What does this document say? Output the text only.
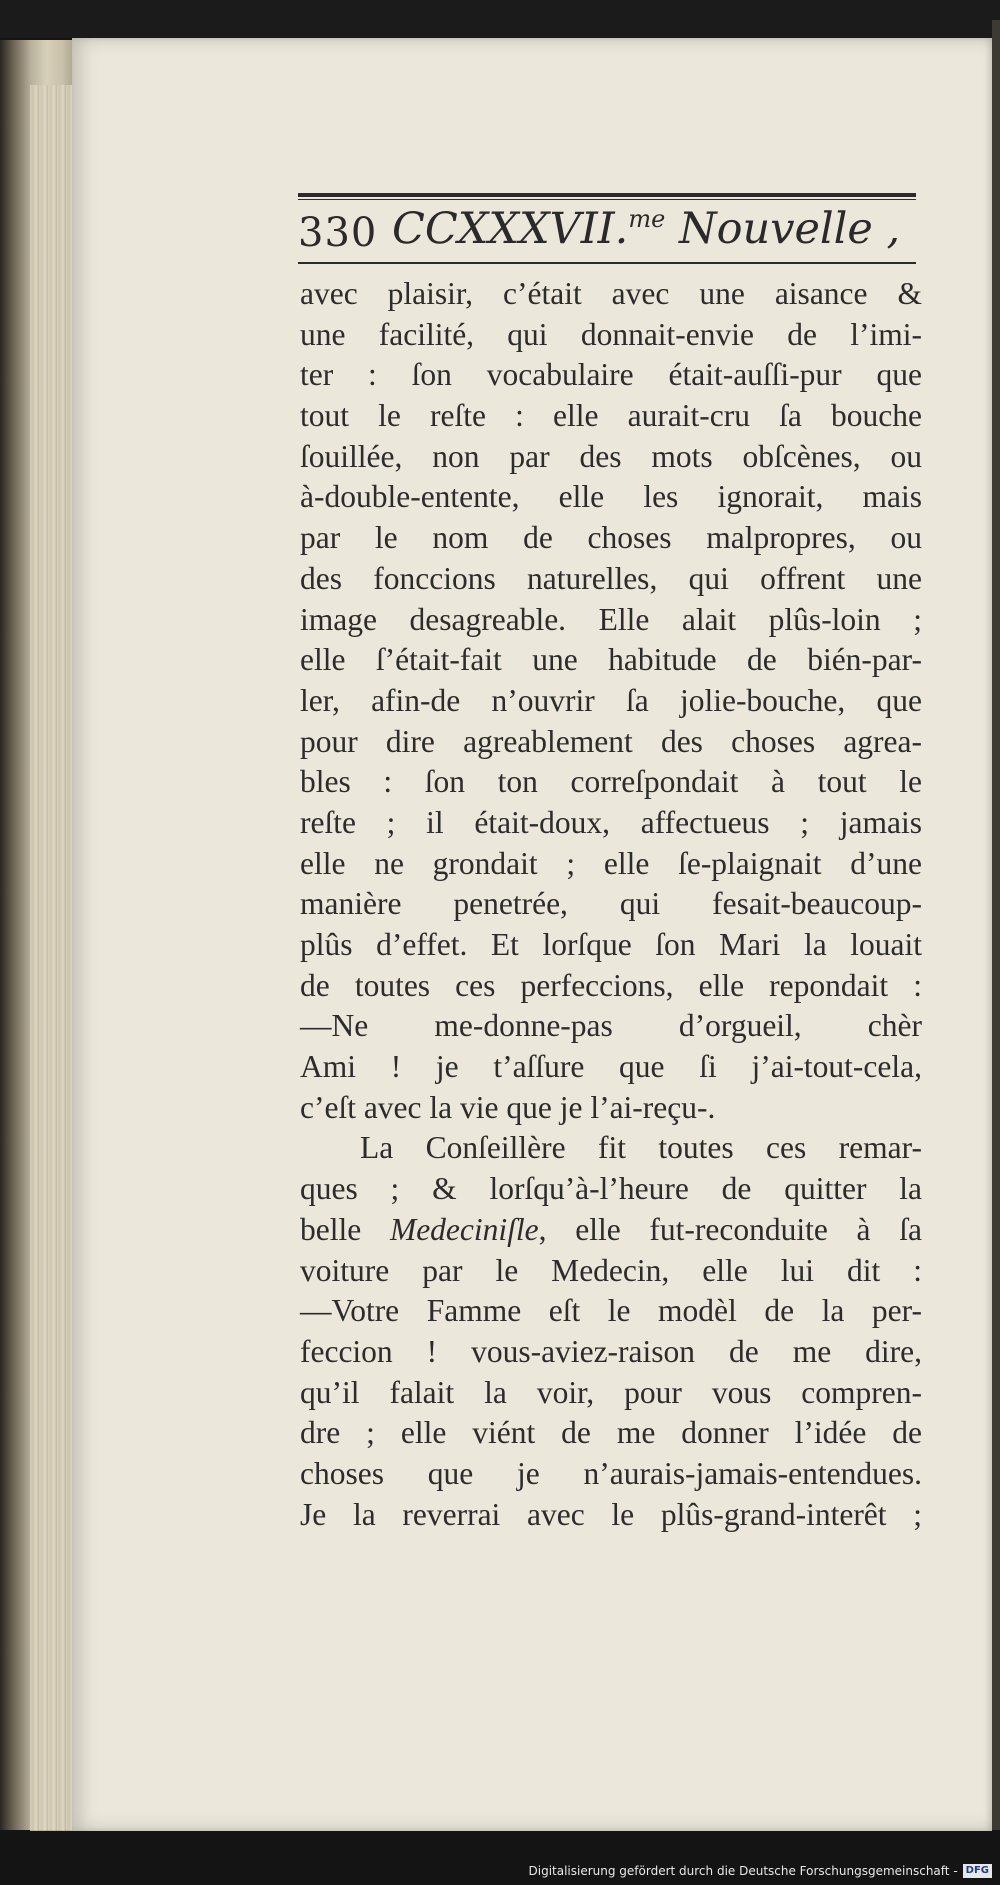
330 CCXXXVII.$^{me}$ Nouvelle ,
avec plaisir, c’était avec une aisance &
une facilité, qui donnait-envie de l’imi-
ter : ſon vocabulaire était-auſſi-pur que
tout le reſte : elle aurait-cru ſa bouche
ſouillée, non par des mots obſcènes, ou
à-double-entente, elle les ignorait, mais
par le nom de choses malpropres, ou
des fonccions naturelles, qui offrent une
image desagreable. Elle alait plûs-loin ;
elle ſ’était-fait une habitude de bién-par-
ler, afin-de n’ouvrir ſa jolie-bouche, que
pour dire agreablement des choses agrea-
bles : ſon ton correſpondait à tout le
reſte ; il était-doux, affectueus ; jamais
elle ne grondait ; elle ſe-plaignait d’une
manière penetrée, qui fesait-beaucoup-
plûs d’effet. Et lorſque ſon Mari la louait
de toutes ces perfeccions, elle repondait :
—Ne me-donne-pas d’orgueil, chèr
Ami ! je t’aſſure que ſi j’ai-tout-cela,
c’eſt avec la vie que je l’ai-reçu-.
La Conſeillère fit toutes ces remar-
ques ; & lorſqu’à-l’heure de quitter la
belle Medeciniſle, elle fut-reconduite à ſa
voiture par le Medecin, elle lui dit :
—Votre Famme eſt le modèl de la per-
feccion ! vous-aviez-raison de me dire,
qu’il falait la voir, pour vous compren-
dre ; elle viént de me donner l’idée de
choses que je n’aurais-jamais-entendues.
Je la reverrai avec le plûs-grand-interêt ;
Digitalisierung gefördert durch die Deutsche Forschungsgemeinschaft - DFG
